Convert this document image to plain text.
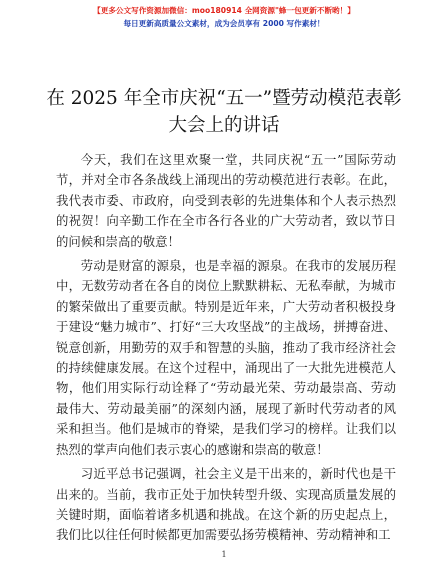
【更多公文写作资源加微信：moo180914 全网资源"蜂一包更新不断哟！】
每日更新高质量公文素材，成为会员享有 2000 写作素材！
在 2025 年全市庆祝“五一”暨劳动模范表彰大会上的讲话

今天，我们在这里欢聚一堂，共同庆祝“五一”国际劳动节，并对全市各条战线上涌现出的劳动模范进行表彰。在此，我代表市委、市政府，向受到表彰的先进集体和个人表示热烈的祝贺！向辛勤工作在全市各行各业的广大劳动者，致以节日的问候和崇高的敬意！

劳动是财富的源泉，也是幸福的源泉。在我市的发展历程中，无数劳动者在各自的岗位上默默耕耘、无私奉献，为城市的繁荣做出了重要贡献。特别是近年来，广大劳动者积极投身于建设“魅力城市”、打好“三大攻坚战”的主战场，拼搏奋进、锐意创新，用勤劳的双手和智慧的头脑，推动了我市经济社会的持续健康发展。在这个过程中，涌现出了一大批先进模范人物，他们用实际行动诠释了“劳动最光荣、劳动最崇高、劳动最伟大、劳动最美丽”的深刻内涵，展现了新时代劳动者的风采和担当。他们是城市的脊梁，是我们学习的榜样。让我们以热烈的掌声向他们表示衷心的感谢和崇高的敬意！

习近平总书记强调，社会主义是干出来的，新时代也是干出来的。当前，我市正处于加快转型升级、实现高质量发展的关键时期，面临着诸多机遇和挑战。在这个新的历史起点上，我们比以往任何时候都更加需要弘扬劳模精神、劳动精神和工

1
